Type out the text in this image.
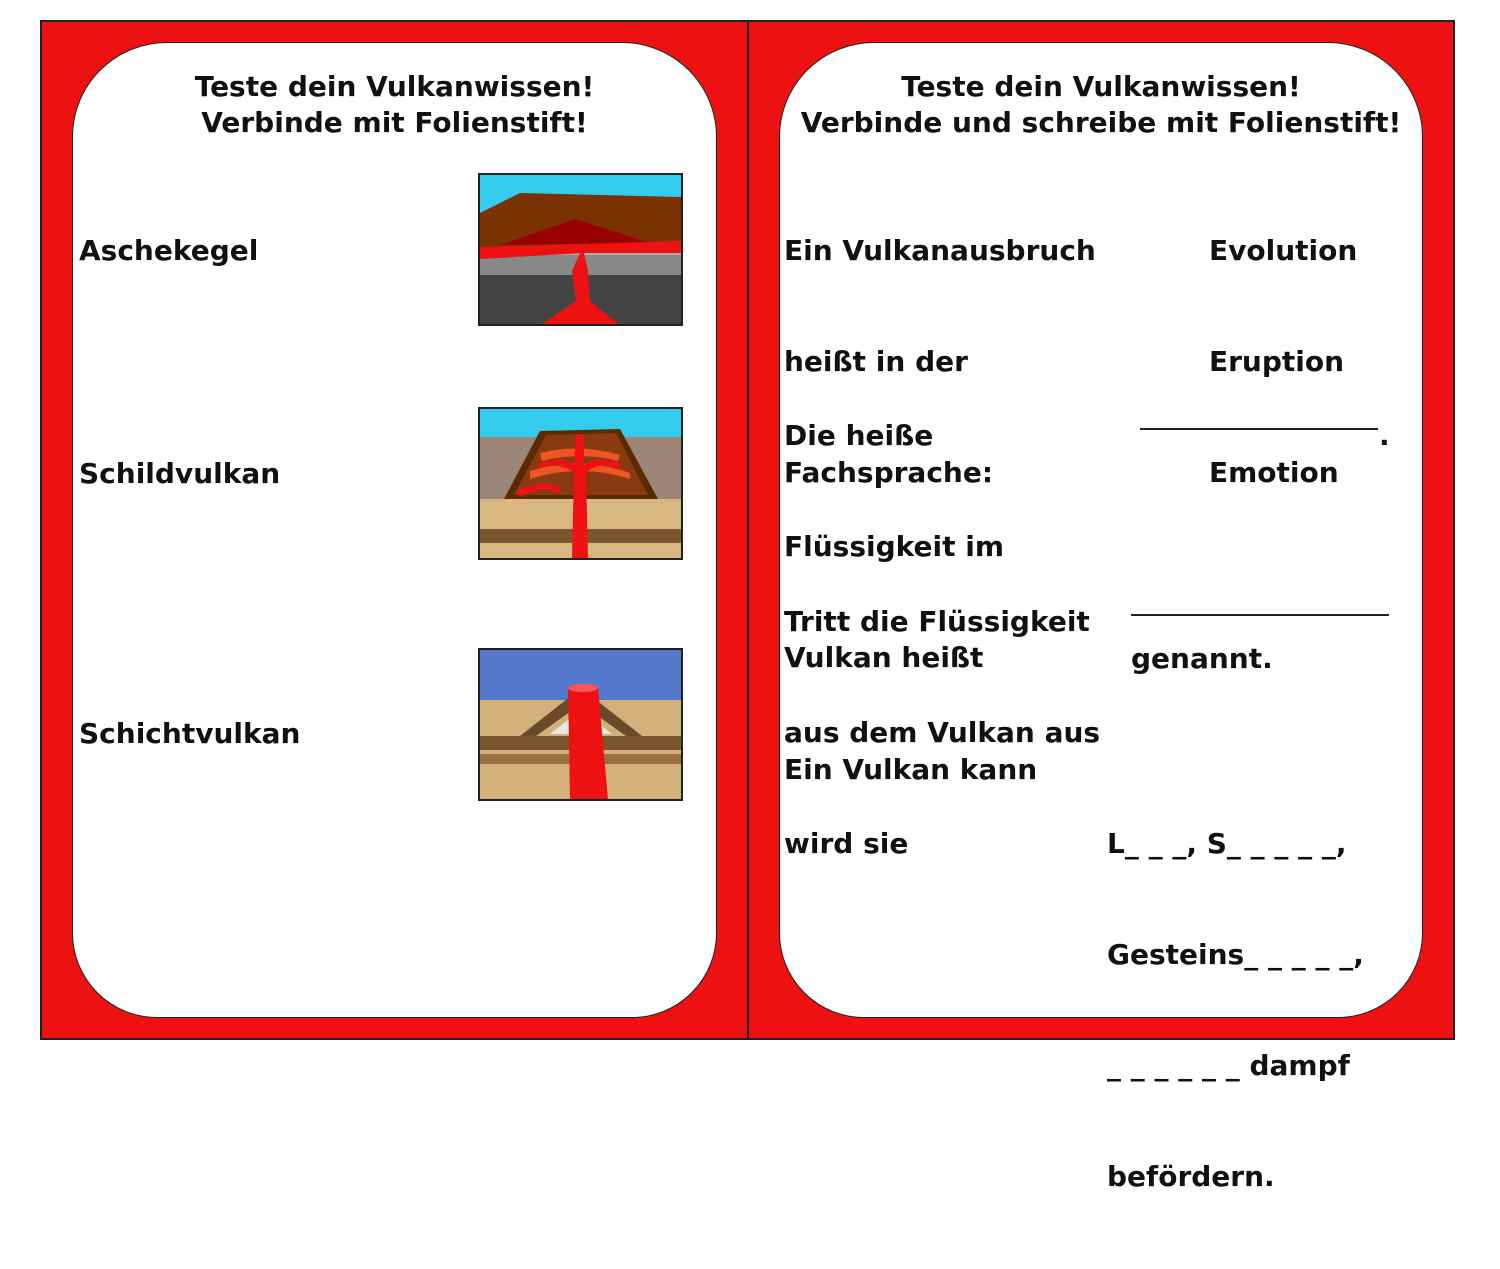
Teste dein Vulkanwissen!
Verbinde mit Folienstift!
Aschekegel
Schildvulkan
Schichtvulkan
Teste dein Vulkanwissen!
Verbinde und schreibe mit Folienstift!

Ein Vulkanausbruch

heißt in der

Fachsprache:

Evolution

Eruption

Emotion

Die heiße

Flüssigkeit im

Vulkan heißt

.

Tritt die Flüssigkeit

aus dem Vulkan aus

wird sie

genannt.
Ein Vulkan kann

L_ _ _, S_ _ _ _ _,

Gesteins_ _ _ _ _,

_ _ _ _ _ _ dampf

befördern.
